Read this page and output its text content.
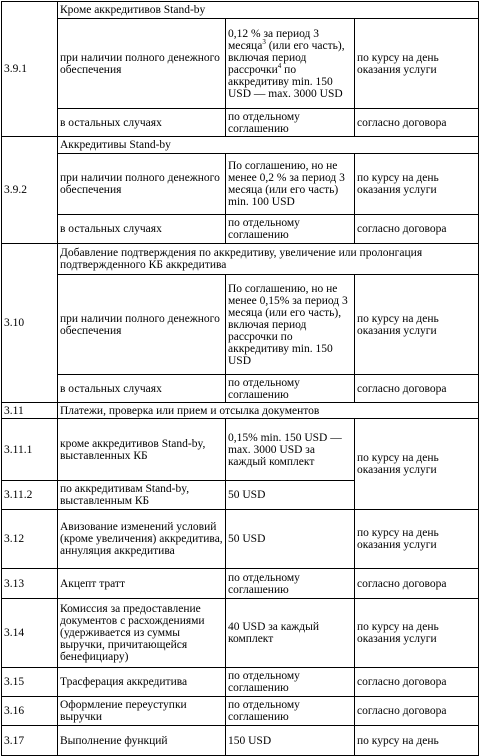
3.9.1	Кроме аккредитивов Stand-by		
	при наличии полного денежного обеспечения	0,12 % за период 3 месяца$^3$ (или его часть), включая период рассрочки$^4$ по аккредитиву min. 150 USD — max. 3000 USD	по курсу на день оказания услуги
	в остальных случаях	по отдельному соглашению	согласно договора
3.9.2	Аккредитивы Stand-by		
	при наличии полного денежного обеспечения	По соглашению, но не менее 0,2 % за период 3 месяца (или его часть) min. 100 USD	по курсу на день оказания услуги
	в остальных случаях	по отдельному соглашению	согласно договора
3.10	Добавление подтверждения по аккредитиву, увеличение или пролонгация подтвержденного КБ аккредитива		
	при наличии полного денежного обеспечения	По соглашению, но не менее 0,15% за период 3 месяца (или его часть), включая период рассрочки по аккредитиву min. 150 USD	по курсу на день оказания услуги
	в остальных случаях	по отдельному соглашению	согласно договора
3.11	Платежи, проверка или прием и отсылка документов		
3.11.1	кроме аккредитивов Stand-by, выставленных КБ	0,15% min. 150 USD — max. 3000 USD за каждый комплект	по курсу на день оказания услуги
3.11.2	по аккредитивам Stand-by, выставленным КБ	50 USD	
3.12	Авизование изменений условий (кроме увеличения) аккредитива, аннуляция аккредитива	50 USD	по курсу на день оказания услуги
3.13	Акцепт тратт	по отдельному соглашению	согласно договора
3.14	Комиссия за предоставление документов с расхождениями (удерживается из суммы выручки, причитающейся бенефициару)	40 USD за каждый комплект	по курсу на день оказания услуги
3.15	Трасферация аккредитива	по отдельному соглашению	согласно договора
3.16	Оформление переуступки выручки	по отдельному соглашению	согласно договора
3.17	Выполнение функций	150 USD	по курсу на день
